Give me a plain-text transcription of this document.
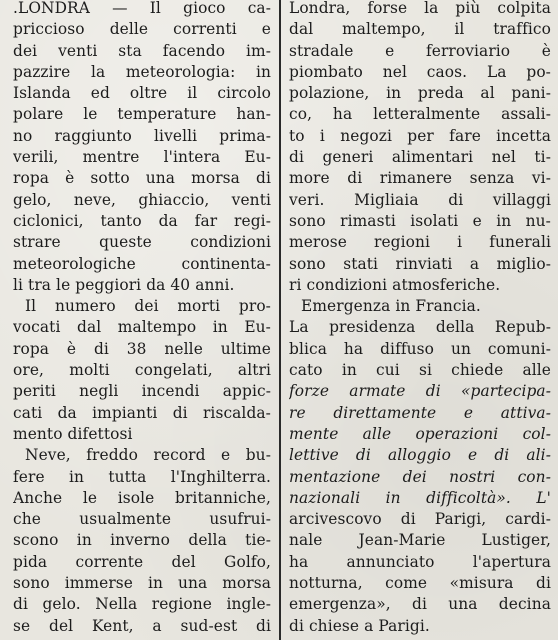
.LONDRA — Il gioco ca-
priccioso delle correnti e
dei venti sta facendo im-
pazzire la meteorologia: in
Islanda ed oltre il circolo
polare le temperature han-
no raggiunto livelli prima-
verili, mentre l'intera Eu-
ropa è sotto una morsa di
gelo, neve, ghiaccio, venti
ciclonici, tanto da far regi-
strare queste condizioni
meteorologiche continenta-
li tra le peggiori da 40 anni.
Il numero dei morti pro-
vocati dal maltempo in Eu-
ropa è di 38 nelle ultime
ore, molti congelati, altri
periti negli incendi appic-
cati da impianti di riscalda-
mento difettosi
Neve, freddo record e bu-
fere in tutta l'Inghilterra.
Anche le isole britanniche,
che usualmente usufrui-
scono in inverno della tie-
pida corrente del Golfo,
sono immerse in una morsa
di gelo. Nella regione ingle-
se del Kent, a sud-est di
Londra, forse la più colpita
dal maltempo, il traffico
stradale e ferroviario è
piombato nel caos. La po-
polazione, in preda al pani-
co, ha letteralmente assali-
to i negozi per fare incetta
di generi alimentari nel ti-
more di rimanere senza vi-
veri. Migliaia di villaggi
sono rimasti isolati e in nu-
merose regioni i funerali
sono stati rinviati a miglio-
ri condizioni atmosferiche.
Emergenza in Francia.
La presidenza della Repub-
blica ha diffuso un comuni-
cato in cui si chiede alle
forze armate di «partecipa-
re direttamente e attiva-
mente alle operazioni col-
lettive di alloggio e di ali-
mentazione dei nostri con-
nazionali in difficoltà». L'
arcivescovo di Parigi, cardi-
nale Jean-Marie Lustiger,
ha annunciato l'apertura
notturna, come «misura di
emergenza», di una decina
di chiese a Parigi.
